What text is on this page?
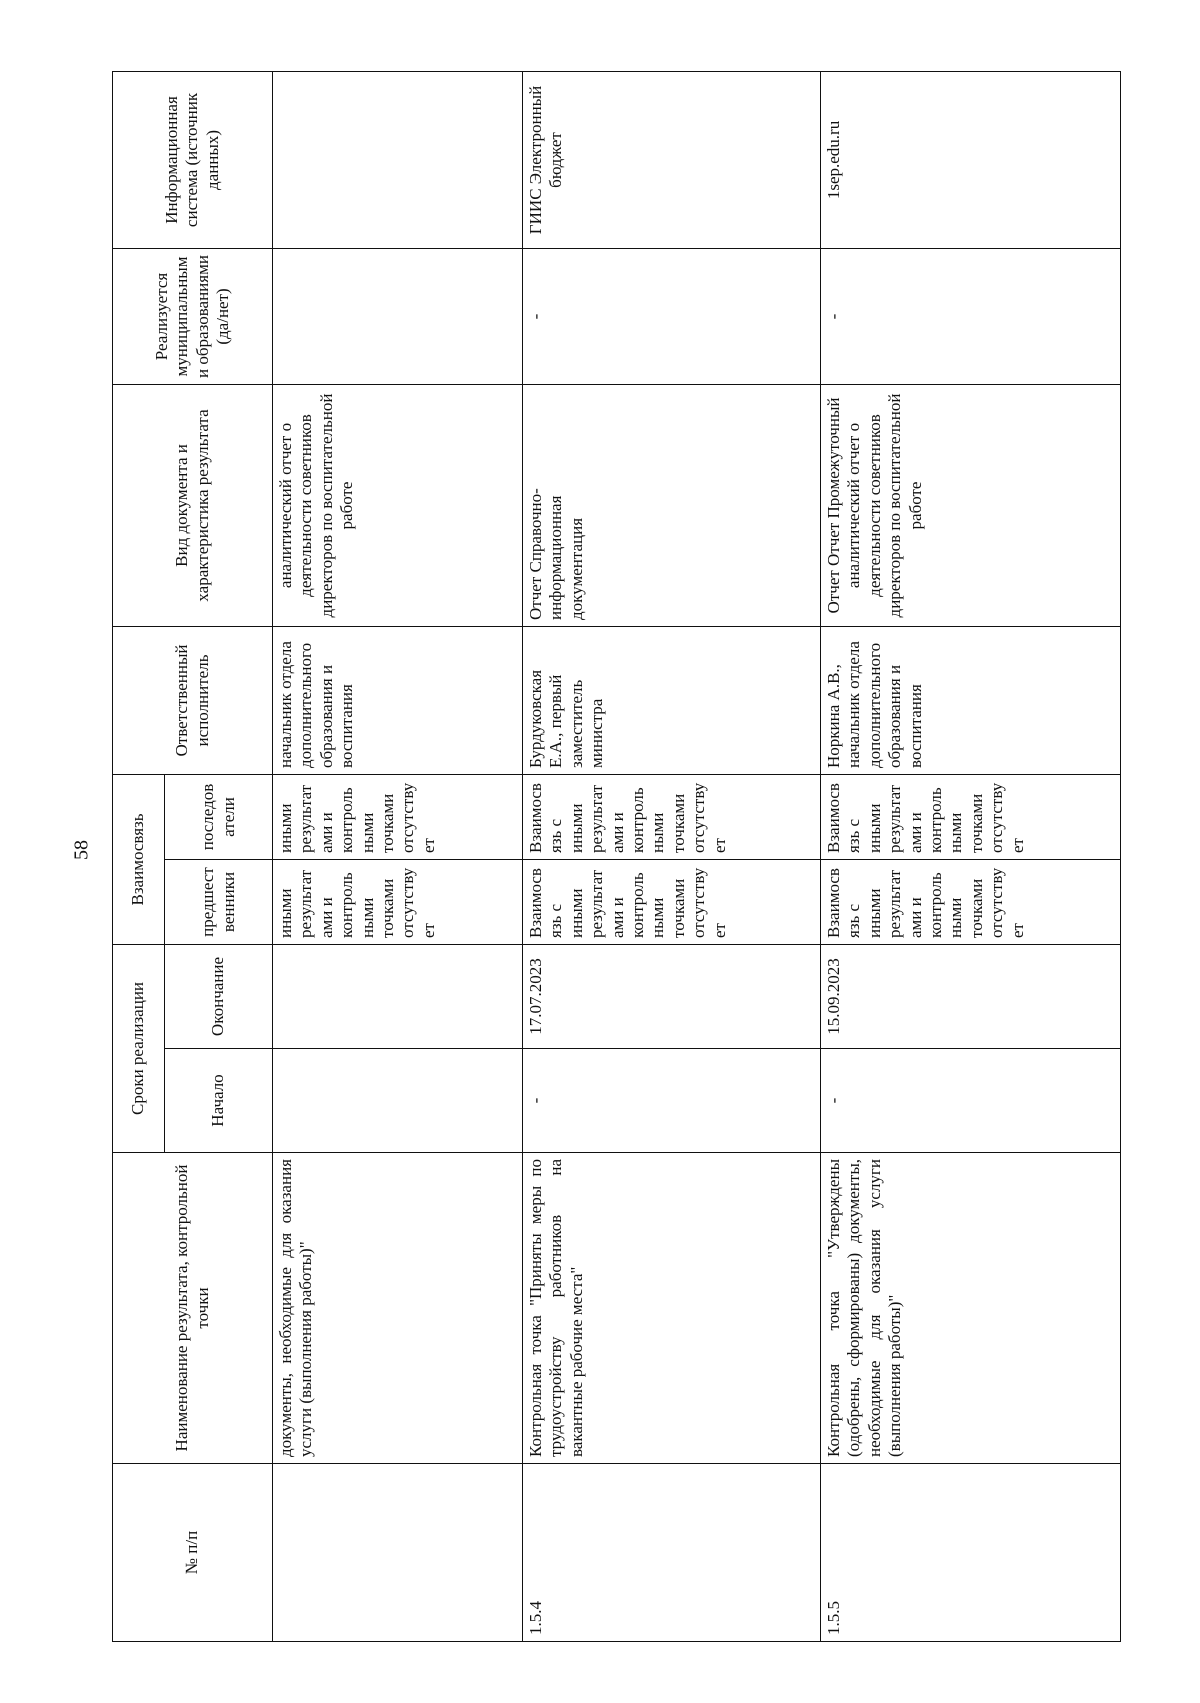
58
№ п/п	Наименование результата, контрольной точки	Сроки реализации		Взаимосвязь		Ответственный исполнитель	Вид документа и характеристика результата	Реализуется муниципальными образованиями (да/нет)	Информационная система (источник данных)
		Начало	Окончание	предшественники	последователи				
	документы, необходимые для оказания услуги (выполнения работы)"			иными результатами и контрольными точками отсутствует	иными результатами и контрольными точками отсутствует	начальник отдела дополнительного образования и воспитания	аналитический отчет о деятельности советников директоров по воспитательной работе		
1.5.4	Контрольная точка "Приняты меры по трудоустройству работников на вакантные рабочие места"	-	17.07.2023	Взаимосвязь с иными результатами и контрольными точками отсутствует	Взаимосвязь с иными результатами и контрольными точками отсутствует	Бурдуковская Е.А., первый заместитель министра	Отчет Справочно-информационная документация	-	ГИИС Электронный бюджет
1.5.5	Контрольная точка "Утверждены (одобрены, сформированы) документы, необходимые для оказания услуги (выполнения работы)"	-	15.09.2023	Взаимосвязь с иными результатами и контрольными точками отсутствует	Взаимосвязь с иными результатами и контрольными точками отсутствует	Норкина А.В., начальник отдела дополнительного образования и воспитания	Отчет Отчет Промежуточный аналитический отчет о деятельности советников директоров по воспитательной работе	-	1sep.edu.ru
